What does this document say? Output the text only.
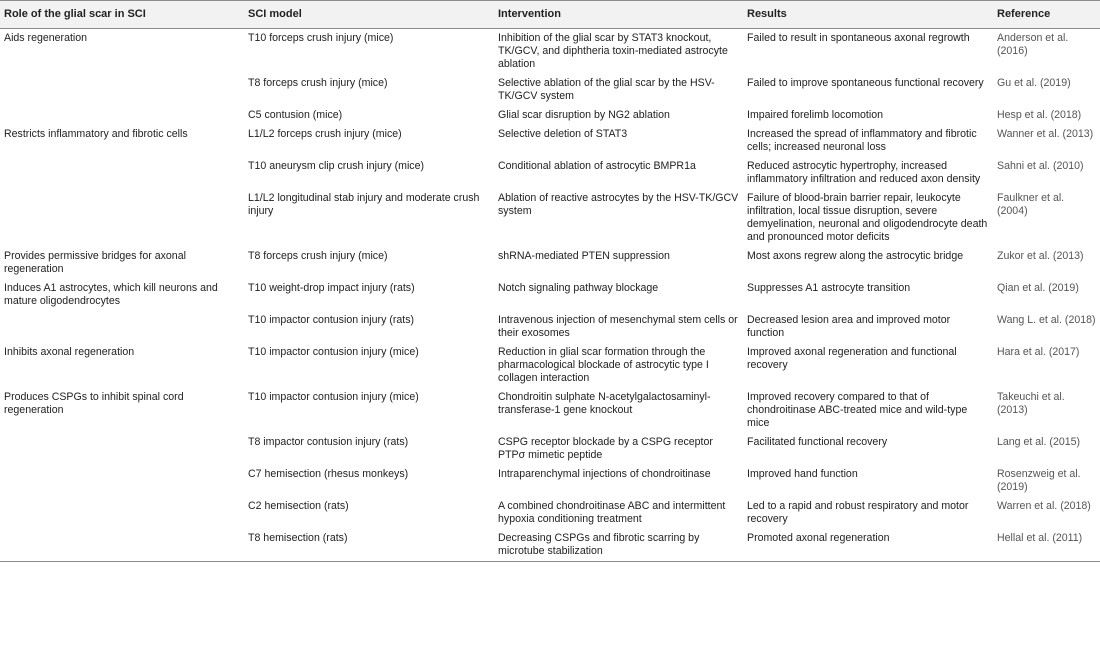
Role of the glial scar in SCI	SCI model	Intervention	Results	Reference
Aids regeneration	T10 forceps crush injury (mice)	Inhibition of the glial scar by STAT3 knockout, TK/GCV, and diphtheria toxin-mediated astrocyte ablation	Failed to result in spontaneous axonal regrowth	Anderson et al. (2016)
	T8 forceps crush injury (mice)	Selective ablation of the glial scar by the HSV-TK/GCV system	Failed to improve spontaneous functional recovery	Gu et al. (2019)
	C5 contusion (mice)	Glial scar disruption by NG2 ablation	Impaired forelimb locomotion	Hesp et al. (2018)
Restricts inflammatory and fibrotic cells	L1/L2 forceps crush injury (mice)	Selective deletion of STAT3	Increased the spread of inflammatory and fibrotic cells; increased neuronal loss	Wanner et al. (2013)
	T10 aneurysm clip crush injury (mice)	Conditional ablation of astrocytic BMPR1a	Reduced astrocytic hypertrophy, increased inflammatory infiltration and reduced axon density	Sahni et al. (2010)
	L1/L2 longitudinal stab injury and moderate crush injury	Ablation of reactive astrocytes by the HSV-TK/GCV system	Failure of blood-brain barrier repair, leukocyte infiltration, local tissue disruption, severe demyelination, neuronal and oligodendrocyte death and pronounced motor deficits	Faulkner et al. (2004)
Provides permissive bridges for axonal regeneration	T8 forceps crush injury (mice)	shRNA-mediated PTEN suppression	Most axons regrew along the astrocytic bridge	Zukor et al. (2013)
Induces A1 astrocytes, which kill neurons and mature oligodendrocytes	T10 weight-drop impact injury (rats)	Notch signaling pathway blockage	Suppresses A1 astrocyte transition	Qian et al. (2019)
	T10 impactor contusion injury (rats)	Intravenous injection of mesenchymal stem cells or their exosomes	Decreased lesion area and improved motor function	Wang L. et al. (2018)
Inhibits axonal regeneration	T10 impactor contusion injury (mice)	Reduction in glial scar formation through the pharmacological blockade of astrocytic type I collagen interaction	Improved axonal regeneration and functional recovery	Hara et al. (2017)
Produces CSPGs to inhibit spinal cord regeneration	T10 impactor contusion injury (mice)	Chondroitin sulphate N-acetylgalactosaminyl-transferase-1 gene knockout	Improved recovery compared to that of chondroitinase ABC-treated mice and wild-type mice	Takeuchi et al. (2013)
	T8 impactor contusion injury (rats)	CSPG receptor blockade by a CSPG receptor PTPσ mimetic peptide	Facilitated functional recovery	Lang et al. (2015)
	C7 hemisection (rhesus monkeys)	Intraparenchymal injections of chondroitinase	Improved hand function	Rosenzweig et al. (2019)
	C2 hemisection (rats)	A combined chondroitinase ABC and intermittent hypoxia conditioning treatment	Led to a rapid and robust respiratory and motor recovery	Warren et al. (2018)
	T8 hemisection (rats)	Decreasing CSPGs and fibrotic scarring by microtube stabilization	Promoted axonal regeneration	Hellal et al. (2011)
